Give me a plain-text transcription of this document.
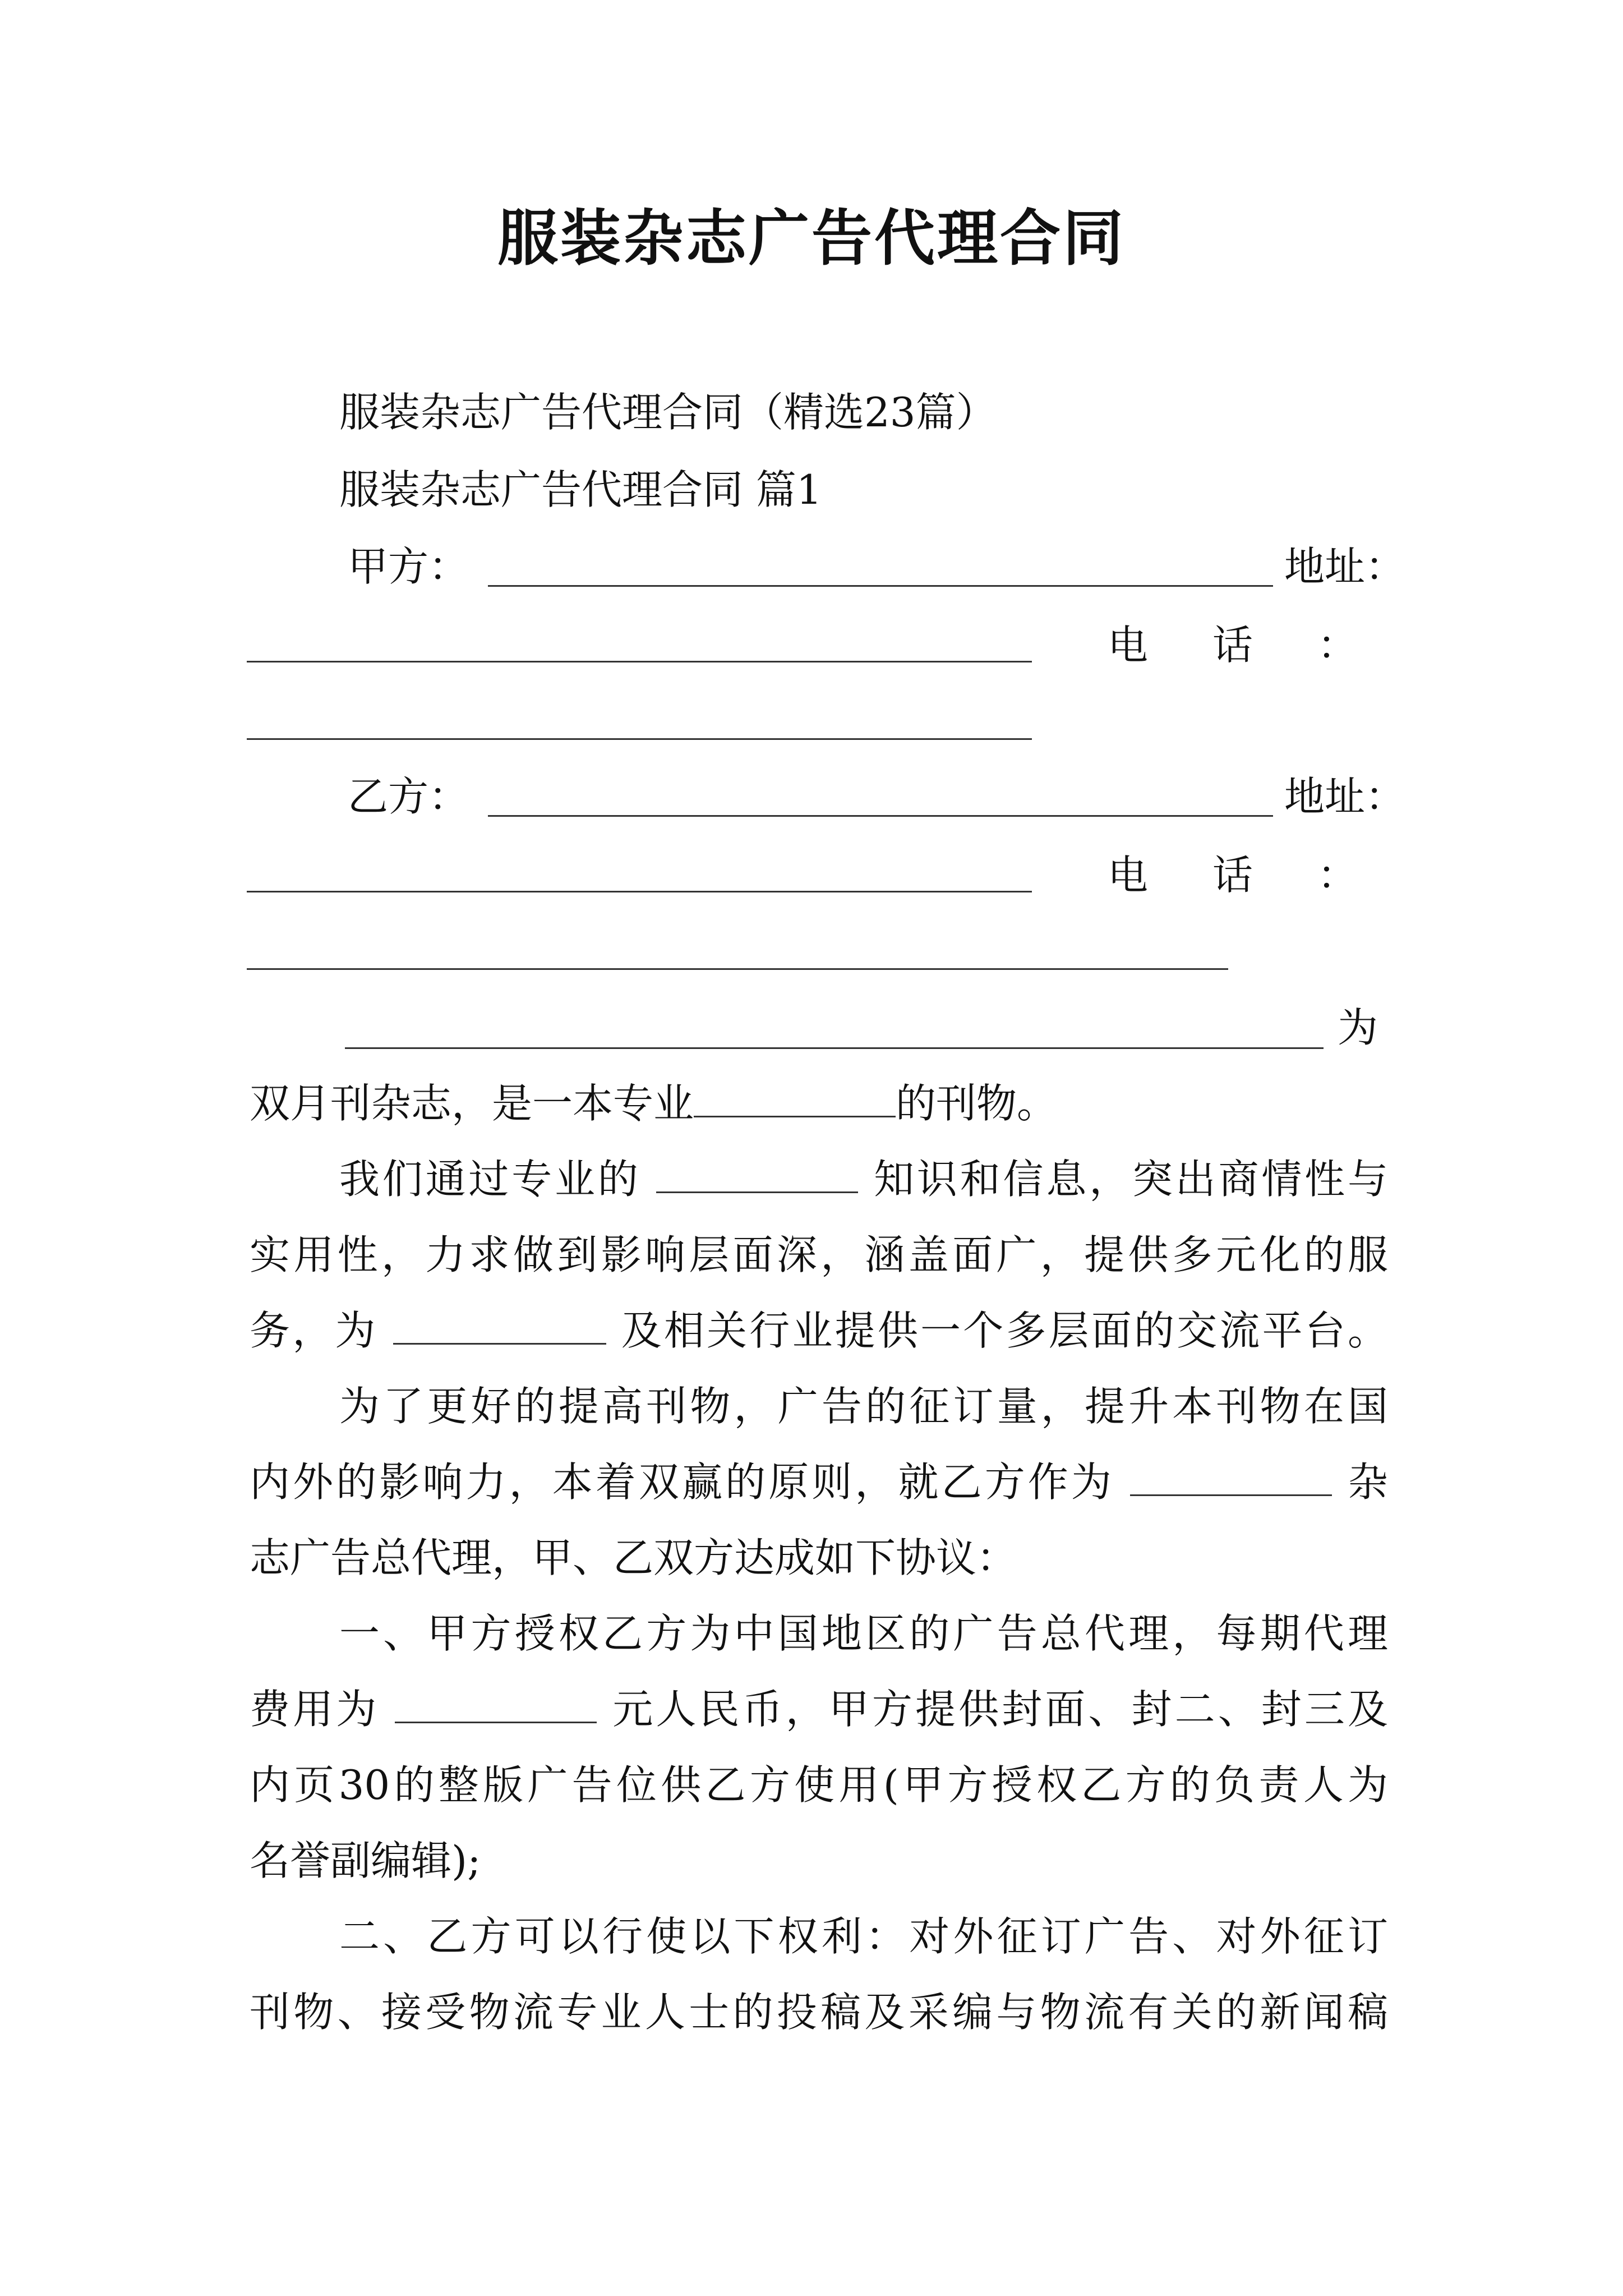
服装杂志广告代理合同
服装杂志广告代理合同（精选23篇）
服装杂志广告代理合同 篇1
甲方：	地址：
电 话 ：
乙方：	地址：
电 话 ：
为
双月刊杂志，是一本专业	的刊物。
我们通过专业的	知识和信息，突出商情性与
实用性，力求做到影响层面深，涵盖面广，提供多元化的服
务，为	及相关行业提供一个多层面的交流平台。
为了更好的提高刊物，广告的征订量，提升本刊物在国
内外的影响力，本着双赢的原则，就乙方作为	杂
志广告总代理，甲、乙双方达成如下协议：
一、甲方授权乙方为中国地区的广告总代理，每期代理
费用为	元人民币，甲方提供封面、封二、封三及
内页30的整版广告位供乙方使用(甲方授权乙方的负责人为
名誉副编辑);
二、乙方可以行使以下权利：对外征订广告、对外征订
刊物、接受物流专业人士的投稿及采编与物流有关的新闻稿
